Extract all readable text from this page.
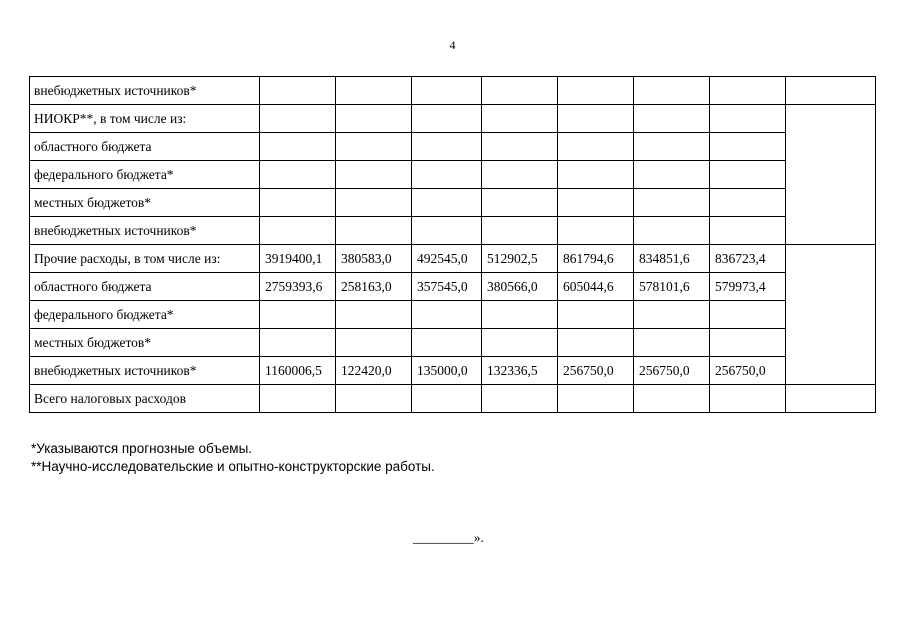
4
внебюджетных источников*								
НИОКР**, в том числе из:								
областного бюджета								
федерального бюджета*								
местных бюджетов*								
внебюджетных источников*								
Прочие расходы, в том числе из:	3919400,1	380583,0	492545,0	512902,5	861794,6	834851,6	836723,4	
областного бюджета	2759393,6	258163,0	357545,0	380566,0	605044,6	578101,6	579973,4	
федерального бюджета*								
местных бюджетов*								
внебюджетных источников*	1160006,5	122420,0	135000,0	132336,5	256750,0	256750,0	256750,0	
Всего налоговых расходов								
*Указываются прогнозные объемы.
**Научно-исследовательские и опытно-конструкторские работы.
_________».
